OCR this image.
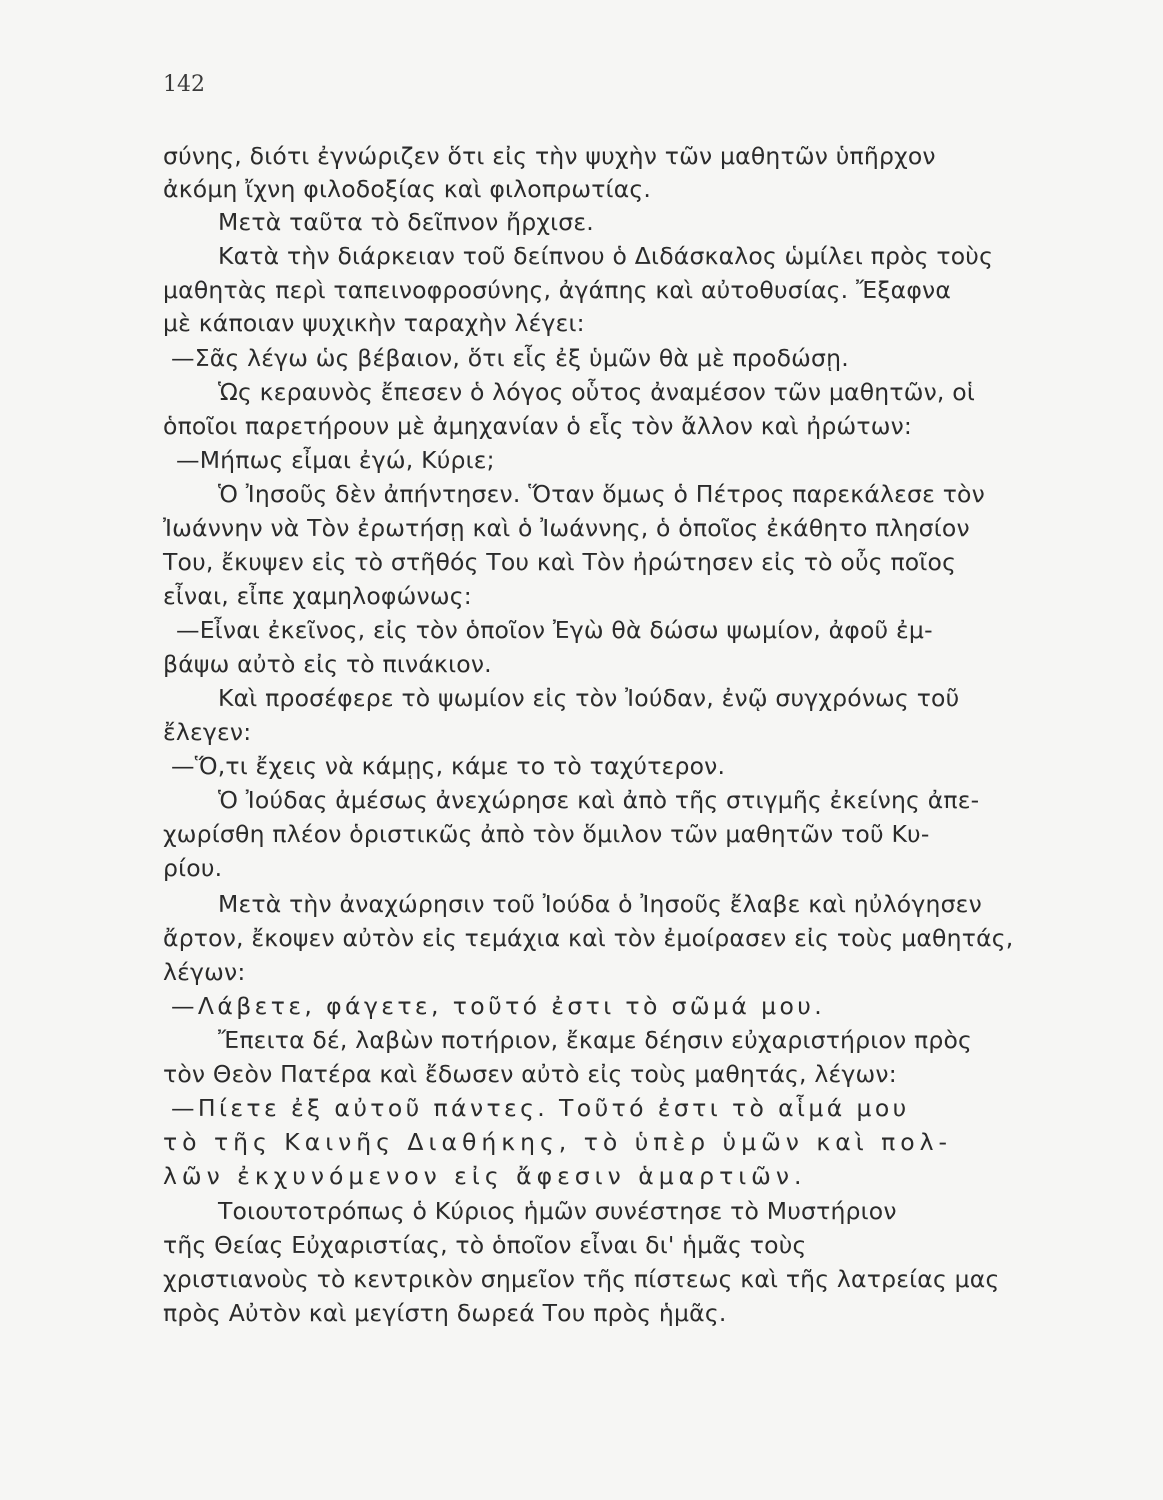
142
σύνης, διότι ἐγνώριζεν ὅτι εἰς τὴν ψυχὴν τῶν μαθητῶν ὑπῆρχον
ἀκόμη ἴχνη φιλοδοξίας καὶ φιλοπρωτίας.
Μετὰ ταῦτα τὸ δεῖπνον ἤρχισε.
Κατὰ τὴν διάρκειαν τοῦ δείπνου ὁ Διδάσκαλος ὡμίλει πρὸς τοὺς
μαθητὰς περὶ ταπεινοφροσύνης, ἀγάπης καὶ αὐτοθυσίας. Ἔξαφνα
μὲ κάποιαν ψυχικὴν ταραχὴν λέγει:
—Σᾶς λέγω ὡς βέβαιον, ὅτι εἷς ἐξ ὑμῶν θὰ μὲ προδώσῃ.
Ὡς κεραυνὸς ἔπεσεν ὁ λόγος οὗτος ἀναμέσον τῶν μαθητῶν, οἱ
ὁποῖοι παρετήρουν μὲ ἀμηχανίαν ὁ εἷς τὸν ἄλλον καὶ ἠρώτων:
—Μήπως εἶμαι ἐγώ, Κύριε;
Ὁ Ἰησοῦς δὲν ἀπήντησεν. Ὅταν ὅμως ὁ Πέτρος παρεκάλεσε τὸν
Ἰωάννην νὰ Τὸν ἐρωτήσῃ καὶ ὁ Ἰωάννης, ὁ ὁποῖος ἐκάθητο πλησίον
Του, ἔκυψεν εἰς τὸ στῆθός Του καὶ Τὸν ἠρώτησεν εἰς τὸ οὖς ποῖος
εἶναι, εἶπε χαμηλοφώνως:
—Εἶναι ἐκεῖνος, εἰς τὸν ὁποῖον Ἐγὼ θὰ δώσω ψωμίον, ἀφοῦ ἐμ-
βάψω αὐτὸ εἰς τὸ πινάκιον.
Καὶ προσέφερε τὸ ψωμίον εἰς τὸν Ἰούδαν, ἐνῷ συγχρόνως τοῦ
ἔλεγεν:
—Ὅ,τι ἔχεις νὰ κάμῃς, κάμε το τὸ ταχύτερον.
Ὁ Ἰούδας ἀμέσως ἀνεχώρησε καὶ ἀπὸ τῆς στιγμῆς ἐκείνης ἀπε-
χωρίσθη πλέον ὁριστικῶς ἀπὸ τὸν ὅμιλον τῶν μαθητῶν τοῦ Κυ-
ρίου.
Μετὰ τὴν ἀναχώρησιν τοῦ Ἰούδα ὁ Ἰησοῦς ἔλαβε καὶ ηὐλόγησεν
ἄρτον, ἔκοψεν αὐτὸν εἰς τεμάχια καὶ τὸν ἐμοίρασεν εἰς τοὺς μαθητάς,
λέγων:
—Λάβετε, φάγετε, τοῦτό ἐστι τὸ σῶμά μου.
Ἔπειτα δέ, λαβὼν ποτήριον, ἔκαμε δέησιν εὐχαριστήριον πρὸς
τὸν Θεὸν Πατέρα καὶ ἔδωσεν αὐτὸ εἰς τοὺς μαθητάς, λέγων:
—Πίετε ἐξ αὐτοῦ πάντες. Τοῦτό ἐστι τὸ αἷμά μου
τὸ τῆς Καινῆς Διαθήκης, τὸ ὑπὲρ ὑμῶν καὶ πολ-
λῶν ἐκχυνόμενον εἰς ἄφεσιν ἁμαρτιῶν.
Τοιουτοτρόπως ὁ Κύριος ἡμῶν συνέστησε τὸ Μυστήριον
τῆς Θείας Εὐχαριστίας, τὸ ὁποῖον εἶναι δι' ἡμᾶς τοὺς
χριστιανοὺς τὸ κεντρικὸν σημεῖον τῆς πίστεως καὶ τῆς λατρείας μας
πρὸς Αὐτὸν καὶ μεγίστη δωρεά Του πρὸς ἡμᾶς.
